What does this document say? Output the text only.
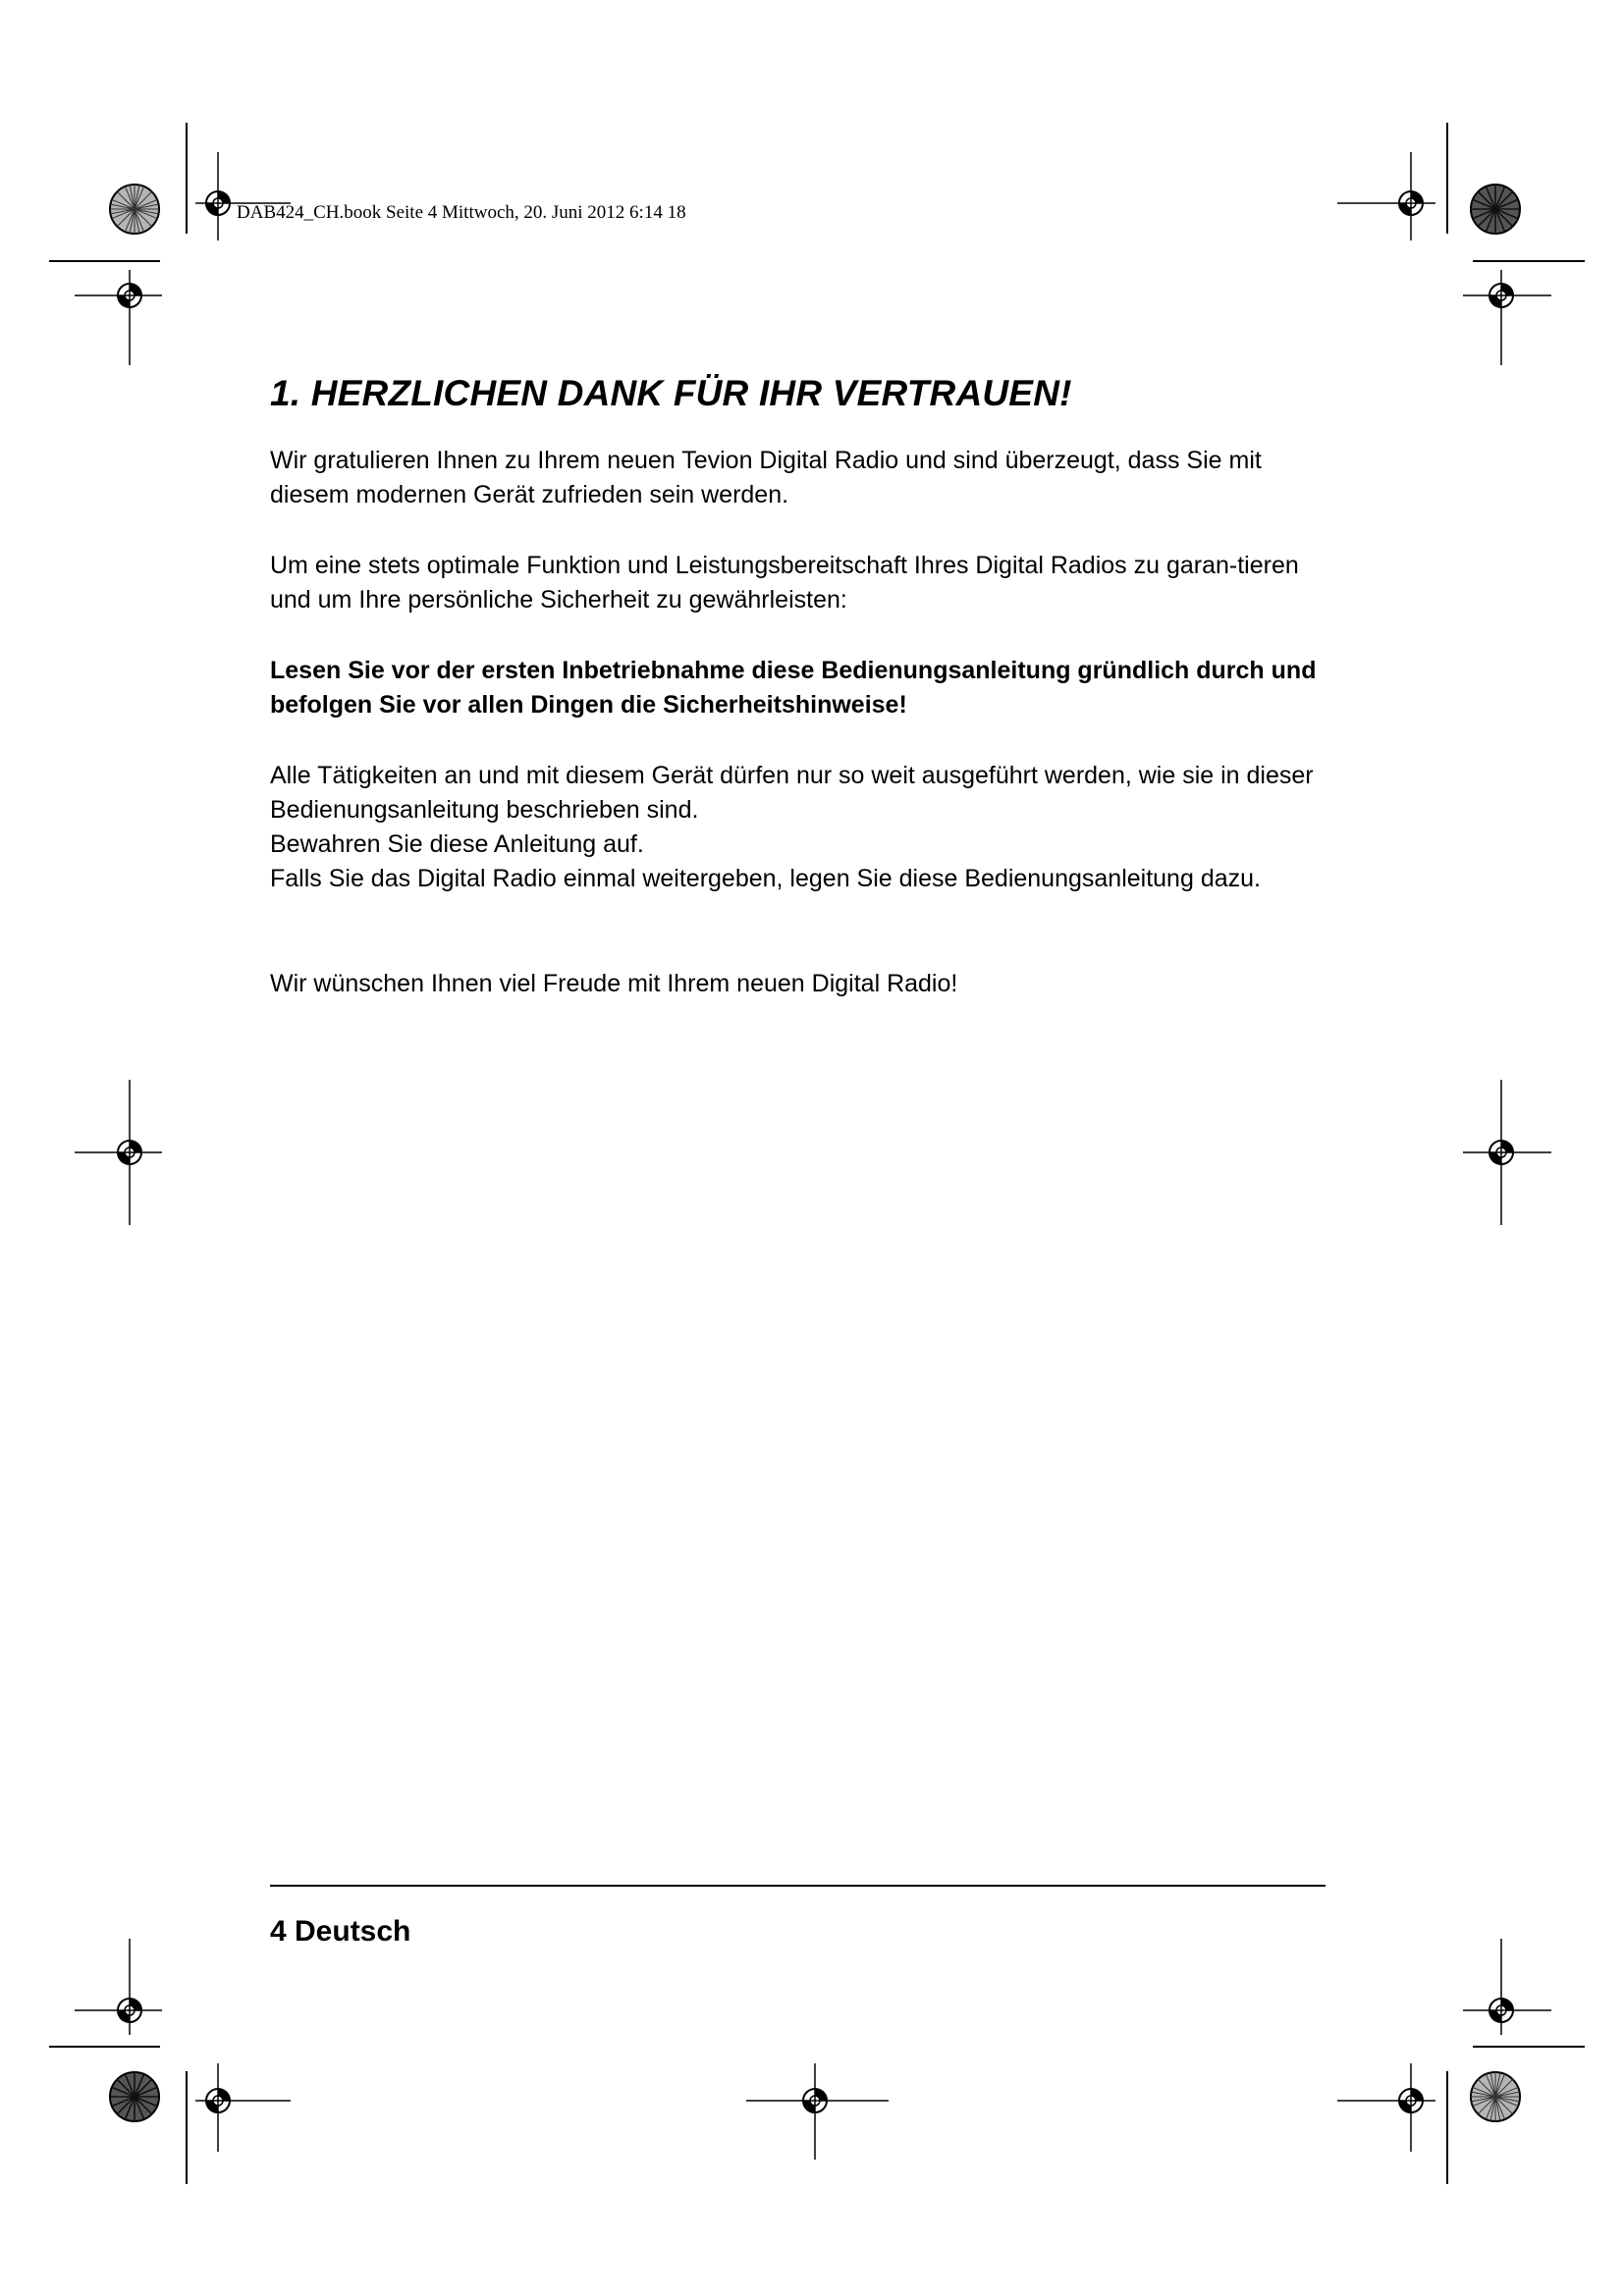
DAB424_CH.book Seite 4 Mittwoch, 20. Juni 2012 6:14 18

1. HERZLICHEN DANK FÜR IHR VERTRAUEN!

Wir gratulieren Ihnen zu Ihrem neuen Tevion Digital Radio und sind überzeugt, dass Sie mit diesem modernen Gerät zufrieden sein werden.

Um eine stets optimale Funktion und Leistungsbereitschaft Ihres Digital Radios zu garan-tieren und um Ihre persönliche Sicherheit zu gewährleisten:

Lesen Sie vor der ersten Inbetriebnahme diese Bedienungsanleitung gründlich durch und befolgen Sie vor allen Dingen die Sicherheitshinweise!

Alle Tätigkeiten an und mit diesem Gerät dürfen nur so weit ausgeführt werden, wie sie in dieser Bedienungsanleitung beschrieben sind.

Bewahren Sie diese Anleitung auf.

Falls Sie das Digital Radio einmal weitergeben, legen Sie diese Bedienungsanleitung dazu.

Wir wünschen Ihnen viel Freude mit Ihrem neuen Digital Radio!

4 Deutsch
